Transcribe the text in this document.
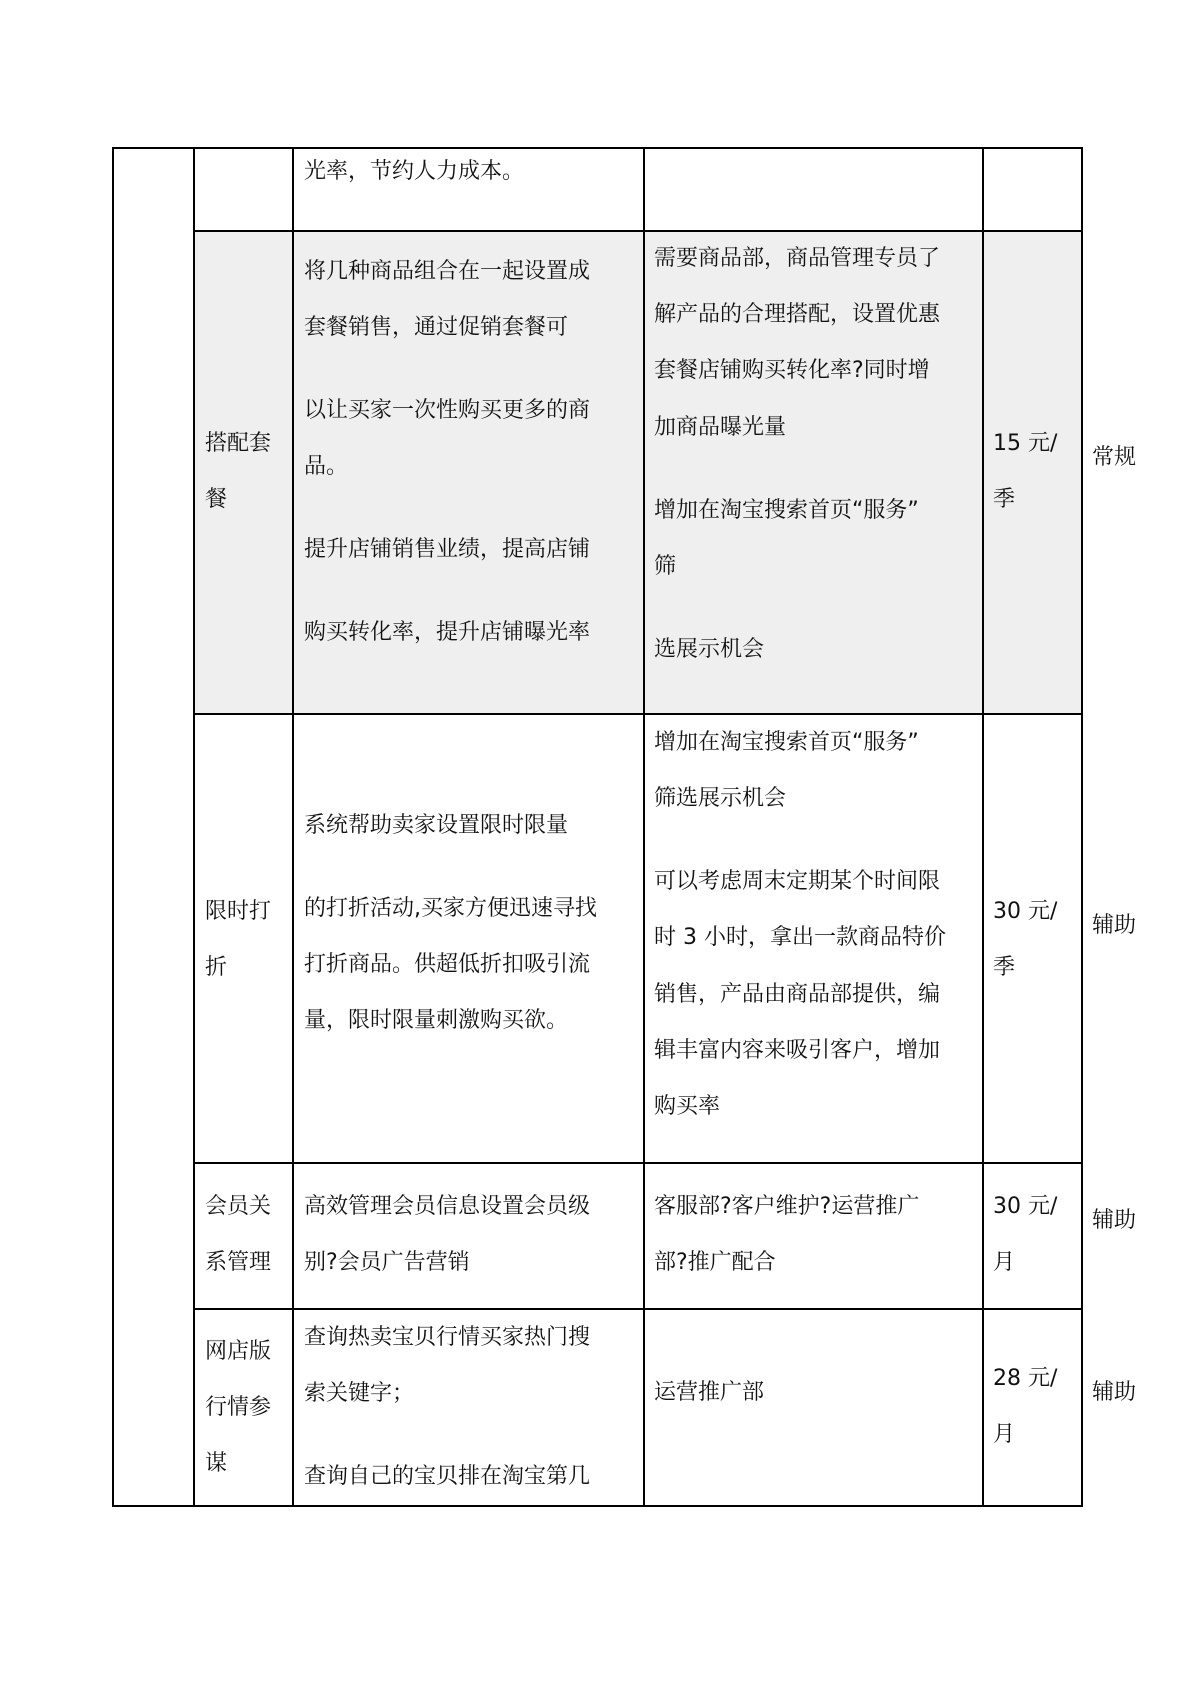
光率，节约人力成本。

搭配套

餐

将几种商品组合在一起设置成

套餐销售，通过促销套餐可

以让买家一次性购买更多的商

品。

提升店铺销售业绩，提高店铺

购买转化率，提升店铺曝光率

需要商品部，商品管理专员了

解产品的合理搭配，设置优惠

套餐店铺购买转化率?同时增

加商品曝光量

增加在淘宝搜索首页“服务”

筛

选展示机会

15 元/

季

常规

限时打

折

系统帮助卖家设置限时限量

的打折活动,买家方便迅速寻找

打折商品。供超低折扣吸引流

量，限时限量刺激购买欲。

增加在淘宝搜索首页“服务”

筛选展示机会

可以考虑周末定期某个时间限

时 3 小时，拿出一款商品特价

销售，产品由商品部提供，编

辑丰富内容来吸引客户，增加

购买率

30 元/

季

辅助

会员关

系管理

高效管理会员信息设置会员级

别?会员广告营销

客服部?客户维护?运营推广

部?推广配合

30 元/

月

辅助

网店版

行情参

谋

查询热卖宝贝行情买家热门搜

索关键字；

查询自己的宝贝排在淘宝第几

运营推广部

28 元/

月

辅助
